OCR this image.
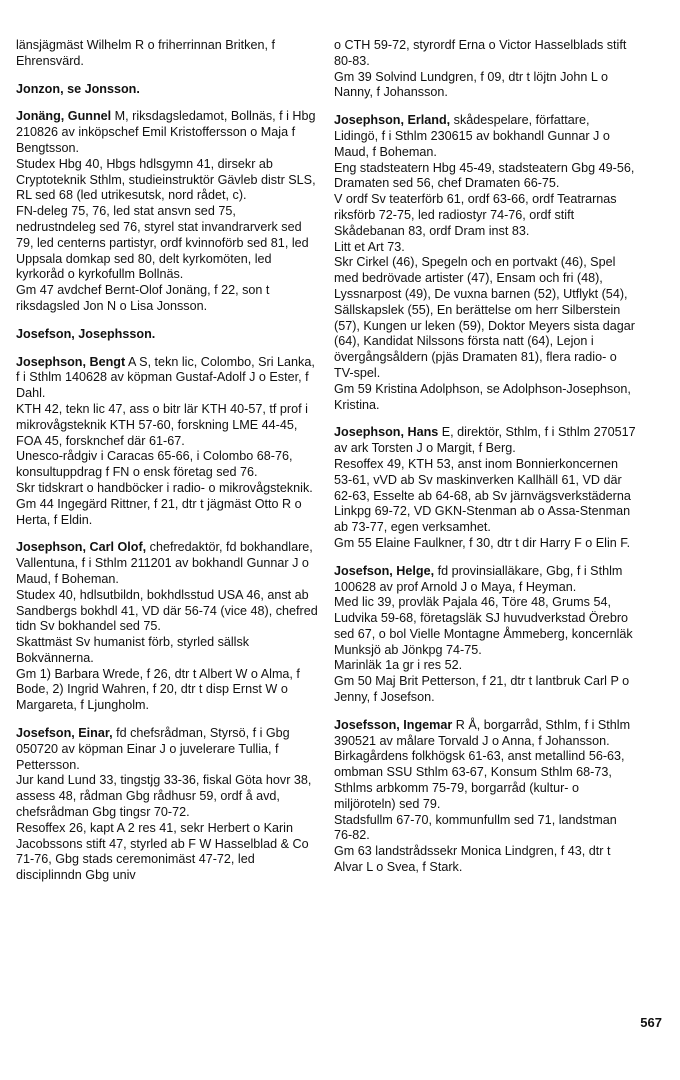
länsjägmäst Wilhelm R o friherrinnan Britken, f Ehrensvärd.

Jonzon, se Jonsson.

Jonäng, Gunnel M, riksdagsledamot, Bollnäs, f i Hbg 210826 av inköpschef Emil Kristoffersson o Maja f Bengtsson.

Studex Hbg 40, Hbgs hdlsgymn 41, dirsekr ab Cryptoteknik Sthlm, studieinstruktör Gävleb distr SLS, RL sed 68 (led utrikesutsk, nord rådet, c).

FN-deleg 75, 76, led stat ansvn sed 75, nedrustndeleg sed 76, styrel stat invandrarverk sed 79, led centerns partistyr, ordf kvinnoförb sed 81, led Uppsala domkap sed 80, delt kyrkomöten, led kyrkoråd o kyrkofullm Bollnäs.

Gm 47 avdchef Bernt-Olof Jonäng, f 22, son t riksdagsled Jon N o Lisa Jonsson.

Josefson, Josephsson.

Josephson, Bengt A S, tekn lic, Colombo, Sri Lanka, f i Sthlm 140628 av köpman Gustaf-Adolf J o Ester, f Dahl.

KTH 42, tekn lic 47, ass o bitr lär KTH 40-57, tf prof i mikrovågsteknik KTH 57-60, forskning LME 44-45, FOA 45, forsknchef där 61-67.

Unesco-rådgiv i Caracas 65-66, i Colombo 68-76, konsultuppdrag f FN o ensk företag sed 76.

Skr tidskrart o handböcker i radio- o mikrovågsteknik.

Gm 44 Ingegärd Rittner, f 21, dtr t jägmäst Otto R o Herta, f Eldin.

Josephson, Carl Olof, chefredaktör, fd bokhandlare, Vallentuna, f i Sthlm 211201 av bokhandl Gunnar J o Maud, f Boheman.

Studex 40, hdlsutbildn, bokhdlsstud USA 46, anst ab Sandbergs bokhdl 41, VD där 56-74 (vice 48), chefred tidn Sv bokhandel sed 75.

Skattmäst Sv humanist förb, styrled sällsk Bokvännerna.

Gm 1) Barbara Wrede, f 26, dtr t Albert W o Alma, f Bode, 2) Ingrid Wahren, f 20, dtr t disp Ernst W o Margareta, f Ljungholm.

Josefson, Einar, fd chefsrådman, Styrsö, f i Gbg 050720 av köpman Einar J o juvelerare Tullia, f Pettersson.

Jur kand Lund 33, tingstjg 33-36, fiskal Göta hovr 38, assess 48, rådman Gbg rådhusr 59, ordf å avd, chefsrådman Gbg tingsr 70-72.

Resoffex 26, kapt A 2 res 41, sekr Herbert o Karin Jacobssons stift 47, styrled ab F W Hasselblad & Co 71-76, Gbg stads ceremonimäst 47-72, led disciplinndn Gbg univ

o CTH 59-72, styrordf Erna o Victor Hasselblads stift 80-83.

Gm 39 Solvind Lundgren, f 09, dtr t löjtn John L o Nanny, f Johansson.

Josephson, Erland, skådespelare, författare, Lidingö, f i Sthlm 230615 av bokhandl Gunnar J o Maud, f Boheman.

Eng stadsteatern Hbg 45-49, stadsteatern Gbg 49-56, Dramaten sed 56, chef Dramaten 66-75.

V ordf Sv teaterförb 61, ordf 63-66, ordf Teatrarnas riksförb 72-75, led radiostyr 74-76, ordf stift Skådebanan 83, ordf Dram inst 83.

Litt et Art 73.

Skr Cirkel (46), Spegeln och en portvakt (46), Spel med bedrövade artister (47), Ensam och fri (48), Lyssnarpost (49), De vuxna barnen (52), Utflykt (54), Sällskapslek (55), En berättelse om herr Silberstein (57), Kungen ur leken (59), Doktor Meyers sista dagar (64), Kandidat Nilssons första natt (64), Lejon i övergångsåldern (pjäs Dramaten 81), flera radio- o TV-spel.

Gm 59 Kristina Adolphson, se Adolphson-Josephson, Kristina.

Josephson, Hans E, direktör, Sthlm, f i Sthlm 270517 av ark Torsten J o Margit, f Berg.

Resoffex 49, KTH 53, anst inom Bonnierkoncernen 53-61, vVD ab Sv maskinverken Kallhäll 61, VD där 62-63, Esselte ab 64-68, ab Sv järnvägsverkstäderna Linkpg 69-72, VD GKN-Stenman ab o Assa-Stenman ab 73-77, egen verksamhet.

Gm 55 Elaine Faulkner, f 30, dtr t dir Harry F o Elin F.

Josefson, Helge, fd provinsialläkare, Gbg, f i Sthlm 100628 av prof Arnold J o Maya, f Heyman.

Med lic 39, provläk Pajala 46, Töre 48, Grums 54, Ludvika 59-68, företagsläk SJ huvudverkstad Örebro sed 67, o bol Vielle Montagne Åmmeberg, koncernläk Munksjö ab Jönkpg 74-75.

Marinläk 1a gr i res 52.

Gm 50 Maj Brit Petterson, f 21, dtr t lantbruk Carl P o Jenny, f Josefson.

Josefsson, Ingemar R Å, borgarråd, Sthlm, f i Sthlm 390521 av målare Torvald J o Anna, f Johansson.

Birkagårdens folkhögsk 61-63, anst metallind 56-63, ombman SSU Sthlm 63-67, Konsum Sthlm 68-73, Sthlms arbkomm 75-79, borgarråd (kultur- o miljöroteln) sed 79.

Stadsfullm 67-70, kommunfullm sed 71, landstman 76-82.

Gm 63 landstrådssekr Monica Lindgren, f 43, dtr t Alvar L o Svea, f Stark.

567
